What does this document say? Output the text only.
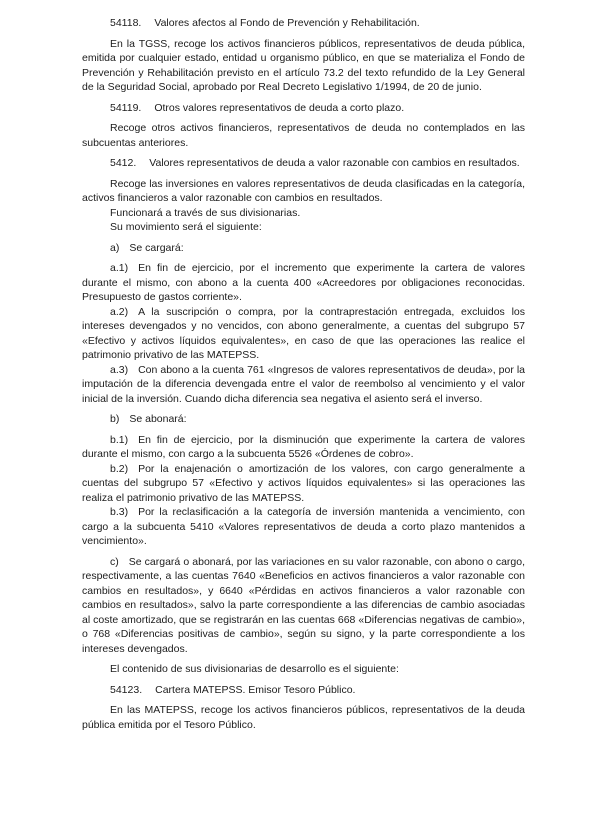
54118. Valores afectos al Fondo de Prevención y Rehabilitación.

En la TGSS, recoge los activos financieros públicos, representativos de deuda pública, emitida por cualquier estado, entidad u organismo público, en que se materializa el Fondo de Prevención y Rehabilitación previsto en el artículo 73.2 del texto refundido de la Ley General de la Seguridad Social, aprobado por Real Decreto Legislativo 1/1994, de 20 de junio.

54119. Otros valores representativos de deuda a corto plazo.

Recoge otros activos financieros, representativos de deuda no contemplados en las subcuentas anteriores.

5412. Valores representativos de deuda a valor razonable con cambios en resultados.

Recoge las inversiones en valores representativos de deuda clasificadas en la categoría, activos financieros a valor razonable con cambios en resultados.

Funcionará a través de sus divisionarias.

Su movimiento será el siguiente:

a) Se cargará:

a.1) En fin de ejercicio, por el incremento que experimente la cartera de valores durante el mismo, con abono a la cuenta 400 «Acreedores por obligaciones reconocidas. Presupuesto de gastos corriente».

a.2) A la suscripción o compra, por la contraprestación entregada, excluidos los intereses devengados y no vencidos, con abono generalmente, a cuentas del subgrupo 57 «Efectivo y activos líquidos equivalentes», en caso de que las operaciones las realice el patrimonio privativo de las MATEPSS.

a.3) Con abono a la cuenta 761 «Ingresos de valores representativos de deuda», por la imputación de la diferencia devengada entre el valor de reembolso al vencimiento y el valor inicial de la inversión. Cuando dicha diferencia sea negativa el asiento será el inverso.

b) Se abonará:

b.1) En fin de ejercicio, por la disminución que experimente la cartera de valores durante el mismo, con cargo a la subcuenta 5526 «Órdenes de cobro».

b.2) Por la enajenación o amortización de los valores, con cargo generalmente a cuentas del subgrupo 57 «Efectivo y activos líquidos equivalentes» si las operaciones las realiza el patrimonio privativo de las MATEPSS.

b.3) Por la reclasificación a la categoría de inversión mantenida a vencimiento, con cargo a la subcuenta 5410 «Valores representativos de deuda a corto plazo mantenidos a vencimiento».

c) Se cargará o abonará, por las variaciones en su valor razonable, con abono o cargo, respectivamente, a las cuentas 7640 «Beneficios en activos financieros a valor razonable con cambios en resultados», y 6640 «Pérdidas en activos financieros a valor razonable con cambios en resultados», salvo la parte correspondiente a las diferencias de cambio asociadas al coste amortizado, que se registrarán en las cuentas 668 «Diferencias negativas de cambio», o 768 «Diferencias positivas de cambio», según su signo, y la parte correspondiente a los intereses devengados.

El contenido de sus divisionarias de desarrollo es el siguiente:

54123. Cartera MATEPSS. Emisor Tesoro Público.

En las MATEPSS, recoge los activos financieros públicos, representativos de la deuda pública emitida por el Tesoro Público.
